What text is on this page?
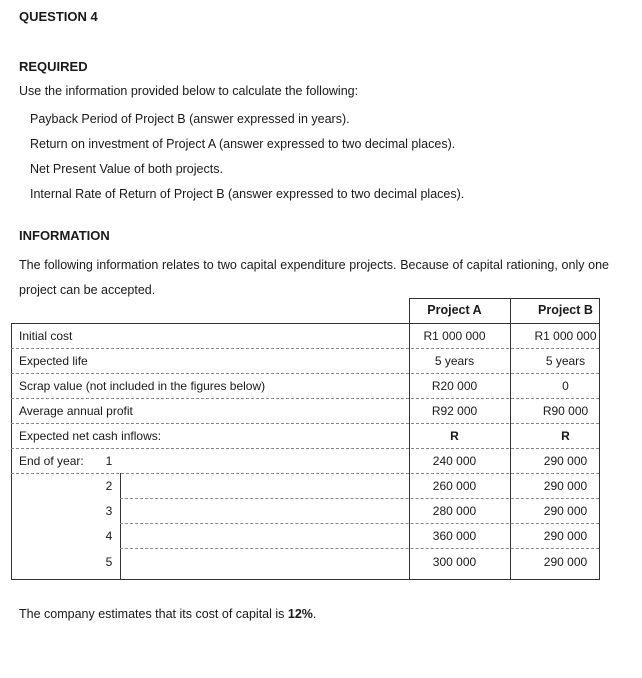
QUESTION 4
REQUIRED
Use the information provided below to calculate the following:
Payback Period of Project B (answer expressed in years).
Return on investment of Project A (answer expressed to two decimal places).
Net Present Value of both projects.
Internal Rate of Return of Project B (answer expressed to two decimal places).
INFORMATION
The following information relates to two capital expenditure projects. Because of capital rationing, only one project can be accepted.
Project A	Project B
Initial cost	R1 000 000	R1 000 000
Expected life	5 years	5 years
Scrap value (not included in the figures below)	R20 000	0
Average annual profit	R92 000	R90 000
Expected net cash inflows:	R	R
End of year:	1	240 000	290 000
2	260 000	290 000
3	280 000	290 000
4	360 000	290 000
5	300 000	290 000
The company estimates that its cost of capital is 12%.
